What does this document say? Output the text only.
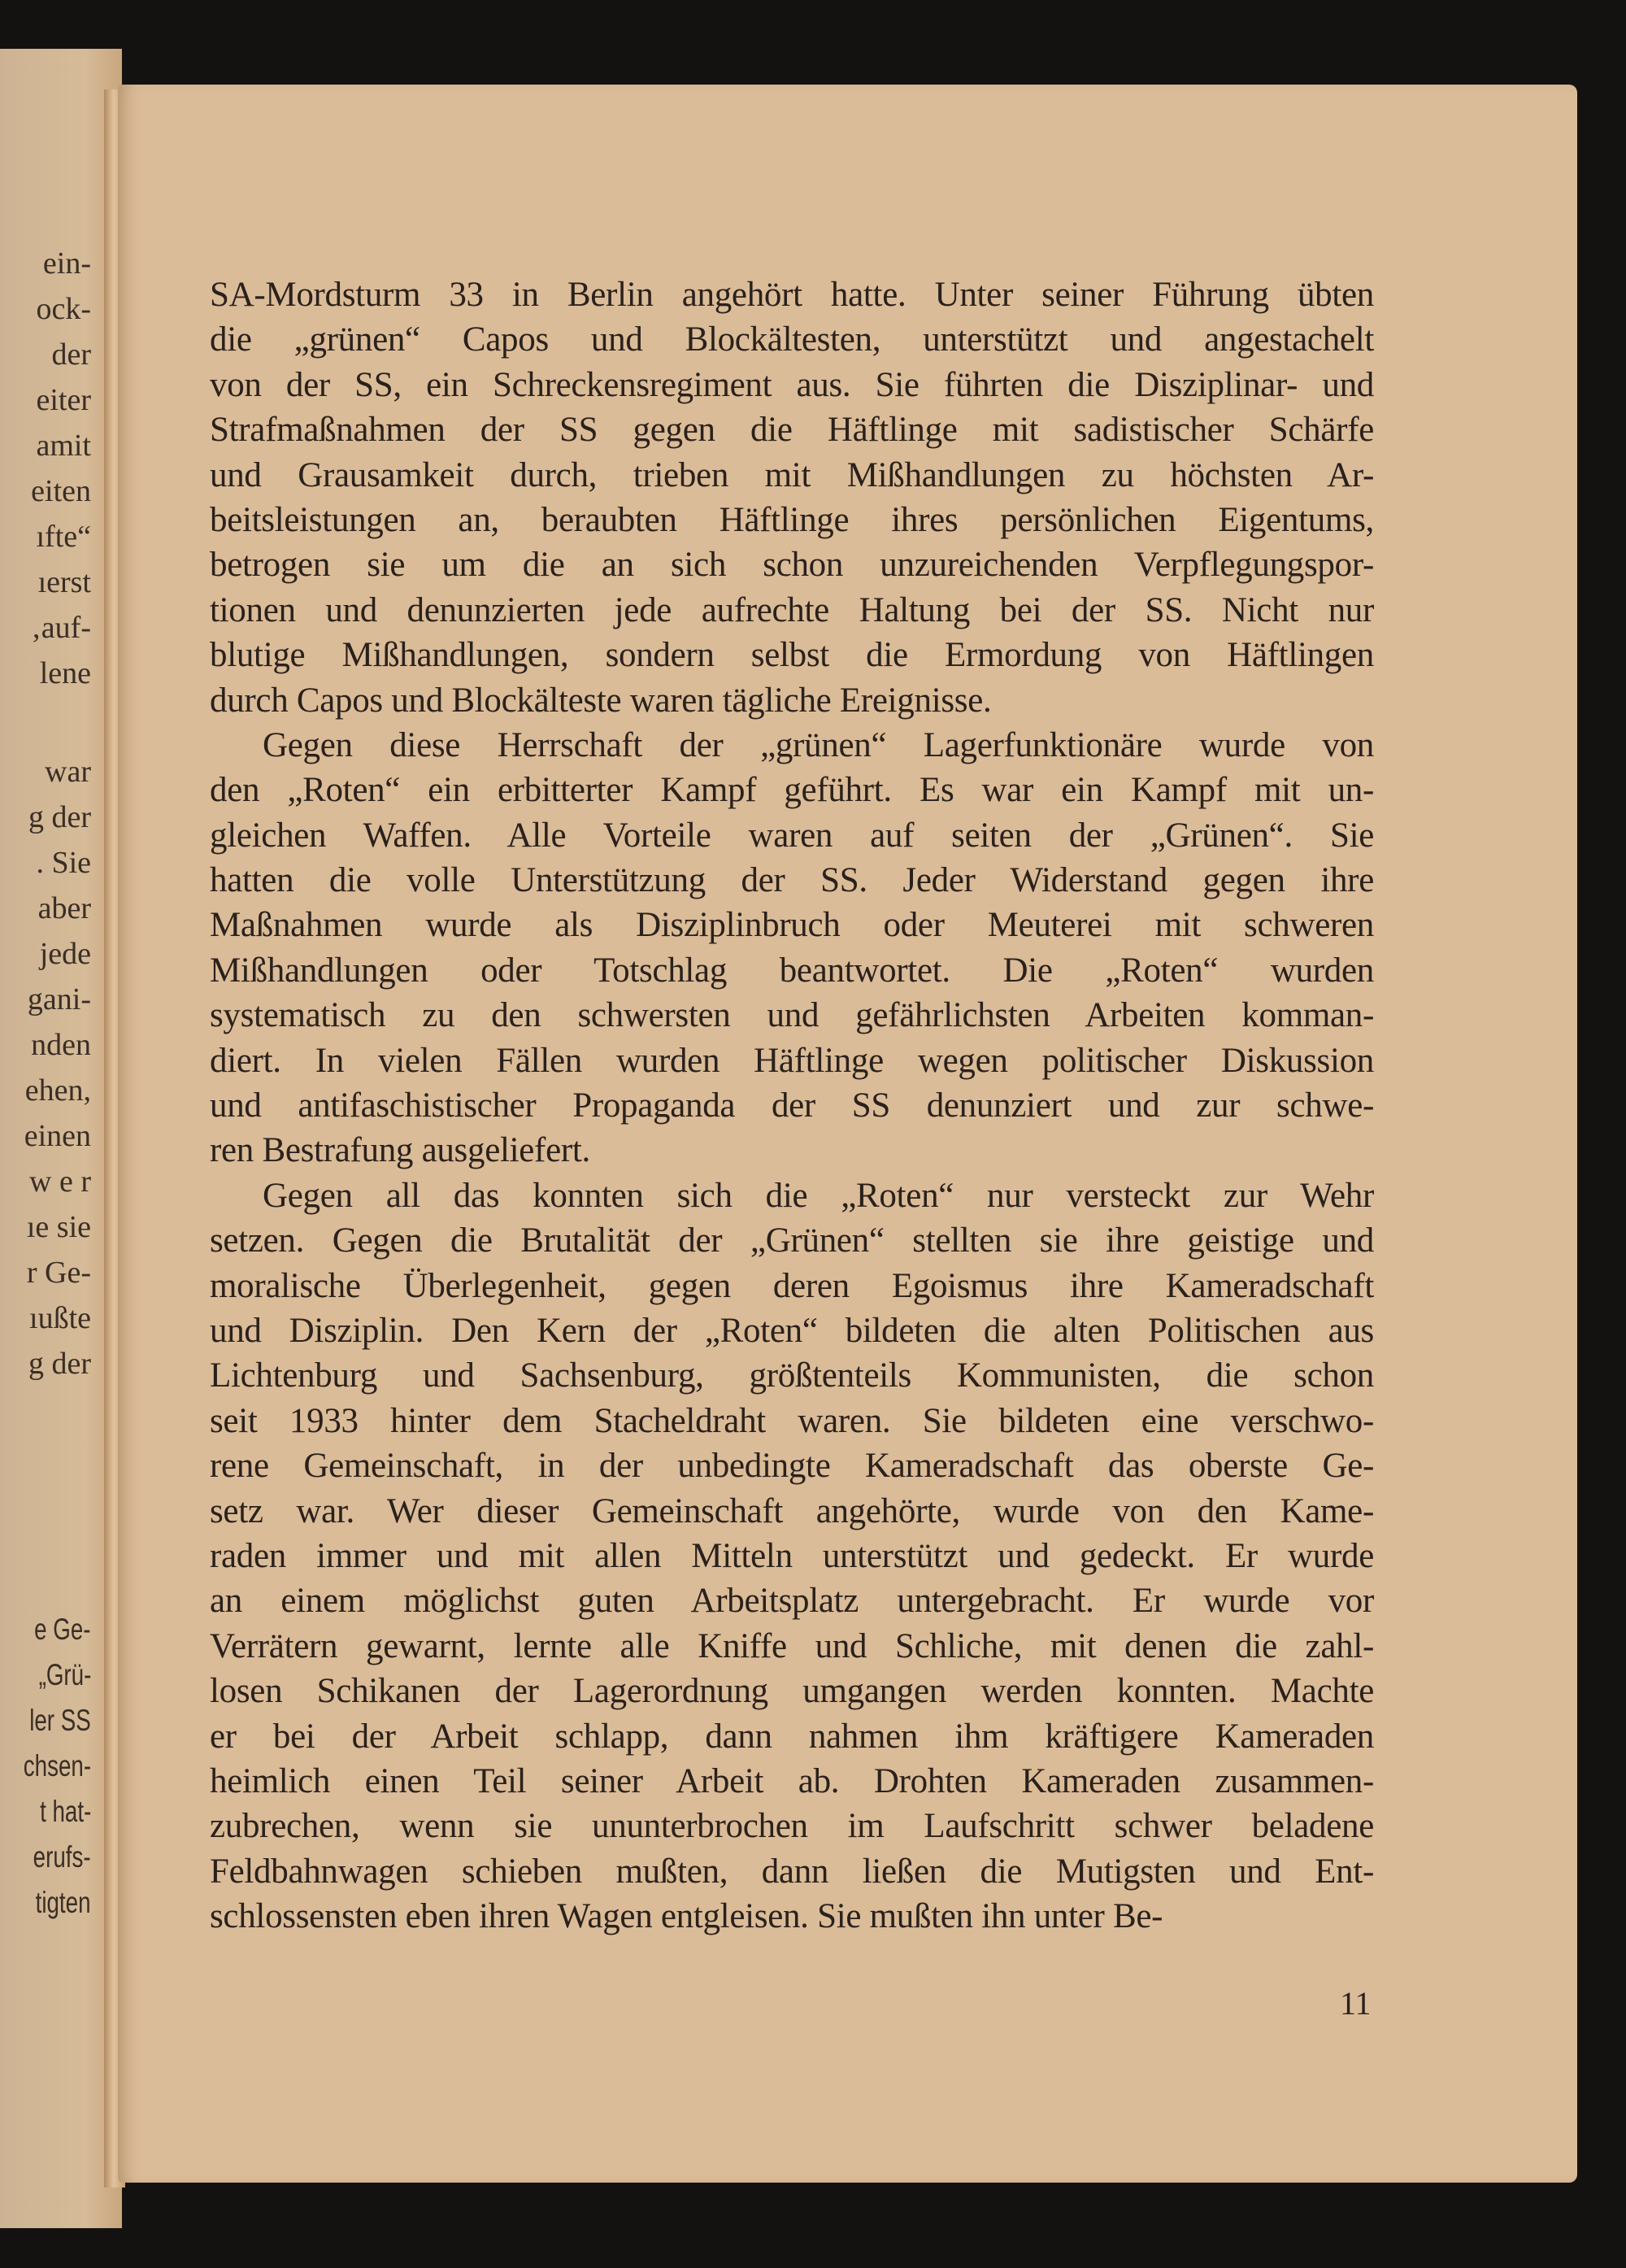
ein-
ock-
der
eiter
amit
eiten
ıfte“
ıerst
‚auf-
lene
war
g der
. Sie
aber
jede
gani-
nden
ehen,
einen
w e r
ıe sie
r Ge-
ıußte
g der
e Ge-
„Grü-
ler SS
chsen-
t hat-
erufs-
tigten
SA-Mordsturm 33 in Berlin angehört hatte. Unter seiner Führung übten
die „grünen“ Capos und Blockältesten, unterstützt und angestachelt
von der SS, ein Schreckensregiment aus. Sie führten die Disziplinar- und
Strafmaßnahmen der SS gegen die Häftlinge mit sadistischer Schärfe
und Grausamkeit durch, trieben mit Mißhandlungen zu höchsten Ar-
beitsleistungen an, beraubten Häftlinge ihres persönlichen Eigentums,
betrogen sie um die an sich schon unzureichenden Verpflegungspor-
tionen und denunzierten jede aufrechte Haltung bei der SS. Nicht nur
blutige Mißhandlungen, sondern selbst die Ermordung von Häftlingen
durch Capos und Blockälteste waren tägliche Ereignisse.
Gegen diese Herrschaft der „grünen“ Lagerfunktionäre wurde von
den „Roten“ ein erbitterter Kampf geführt. Es war ein Kampf mit un-
gleichen Waffen. Alle Vorteile waren auf seiten der „Grünen“. Sie
hatten die volle Unterstützung der SS. Jeder Widerstand gegen ihre
Maßnahmen wurde als Disziplinbruch oder Meuterei mit schweren
Mißhandlungen oder Totschlag beantwortet. Die „Roten“ wurden
systematisch zu den schwersten und gefährlichsten Arbeiten komman-
diert. In vielen Fällen wurden Häftlinge wegen politischer Diskussion
und antifaschistischer Propaganda der SS denunziert und zur schwe-
ren Bestrafung ausgeliefert.
Gegen all das konnten sich die „Roten“ nur versteckt zur Wehr
setzen. Gegen die Brutalität der „Grünen“ stellten sie ihre geistige und
moralische Überlegenheit, gegen deren Egoismus ihre Kameradschaft
und Disziplin. Den Kern der „Roten“ bildeten die alten Politischen aus
Lichtenburg und Sachsenburg, größtenteils Kommunisten, die schon
seit 1933 hinter dem Stacheldraht waren. Sie bildeten eine verschwo-
rene Gemeinschaft, in der unbedingte Kameradschaft das oberste Ge-
setz war. Wer dieser Gemeinschaft angehörte, wurde von den Kame-
raden immer und mit allen Mitteln unterstützt und gedeckt. Er wurde
an einem möglichst guten Arbeitsplatz untergebracht. Er wurde vor
Verrätern gewarnt, lernte alle Kniffe und Schliche, mit denen die zahl-
losen Schikanen der Lagerordnung umgangen werden konnten. Machte
er bei der Arbeit schlapp, dann nahmen ihm kräftigere Kameraden
heimlich einen Teil seiner Arbeit ab. Drohten Kameraden zusammen-
zubrechen, wenn sie ununterbrochen im Laufschritt schwer beladene
Feldbahnwagen schieben mußten, dann ließen die Mutigsten und Ent-
schlossensten eben ihren Wagen entgleisen. Sie mußten ihn unter Be-
11
